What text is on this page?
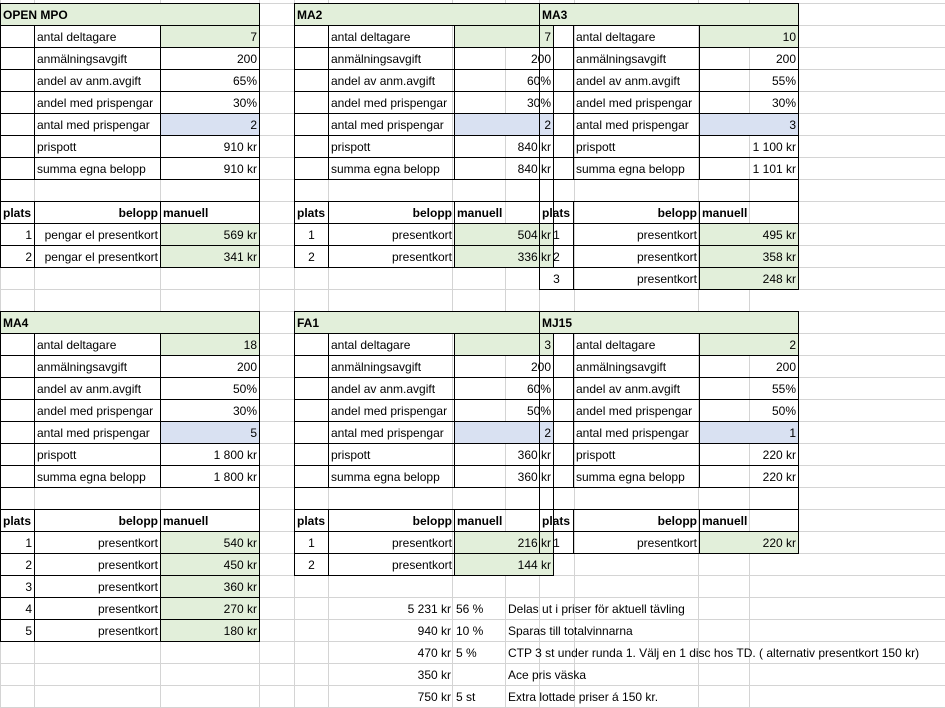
OPEN MPO		
	antal deltagare	7
	anmälningsavgift	200
	andel av anm.avgift	65%
	andel med prispengar	30%
	antal med prispengar	2
	prispott	910 kr
	summa egna belopp	910 kr

plats	belopp	manuell
1	pengar el presentkort	569 kr
2	pengar el presentkort	341 kr
MA2		
	antal deltagare	7
	anmälningsavgift	200
	andel av anm.avgift	60%
	andel med prispengar	30%
	antal med prispengar	2
	prispott	840 kr
	summa egna belopp	840 kr

plats	belopp	manuell
1	presentkort	504 kr
2	presentkort	336 kr
MA3		
	antal deltagare	10
	anmälningsavgift	200
	andel av anm.avgift	55%
	andel med prispengar	30%
	antal med prispengar	3
	prispott	1 100 kr
	summa egna belopp	1 101 kr

plats	belopp	manuell
1	presentkort	495 kr
2	presentkort	358 kr
3	presentkort	248 kr
MA4		
	antal deltagare	18
	anmälningsavgift	200
	andel av anm.avgift	50%
	andel med prispengar	30%
	antal med prispengar	5
	prispott	1 800 kr
	summa egna belopp	1 800 kr

plats	belopp	manuell
1	presentkort	540 kr
2	presentkort	450 kr
3	presentkort	360 kr
4	presentkort	270 kr
5	presentkort	180 kr
FA1		
	antal deltagare	3
	anmälningsavgift	200
	andel av anm.avgift	60%
	andel med prispengar	50%
	antal med prispengar	2
	prispott	360 kr
	summa egna belopp	360 kr

plats	belopp	manuell
1	presentkort	216 kr
2	presentkort	144 kr
MJ15		
	antal deltagare	2
	anmälningsavgift	200
	andel av anm.avgift	55%
	andel med prispengar	50%
	antal med prispengar	1
	prispott	220 kr
	summa egna belopp	220 kr

plats	belopp	manuell
1	presentkort	220 kr
5 231 kr 56 % Delas ut i priser för aktuell tävling
940 kr 10 % Sparas till totalvinnarna
470 kr 5 %	CTP 3 st under runda 1. Välj en 1 disc hos TD. ( alternativ presentkort 150 kr)
350 kr	Ace pris väska
750 kr 5 st	Extra lottade priser á 150 kr.
